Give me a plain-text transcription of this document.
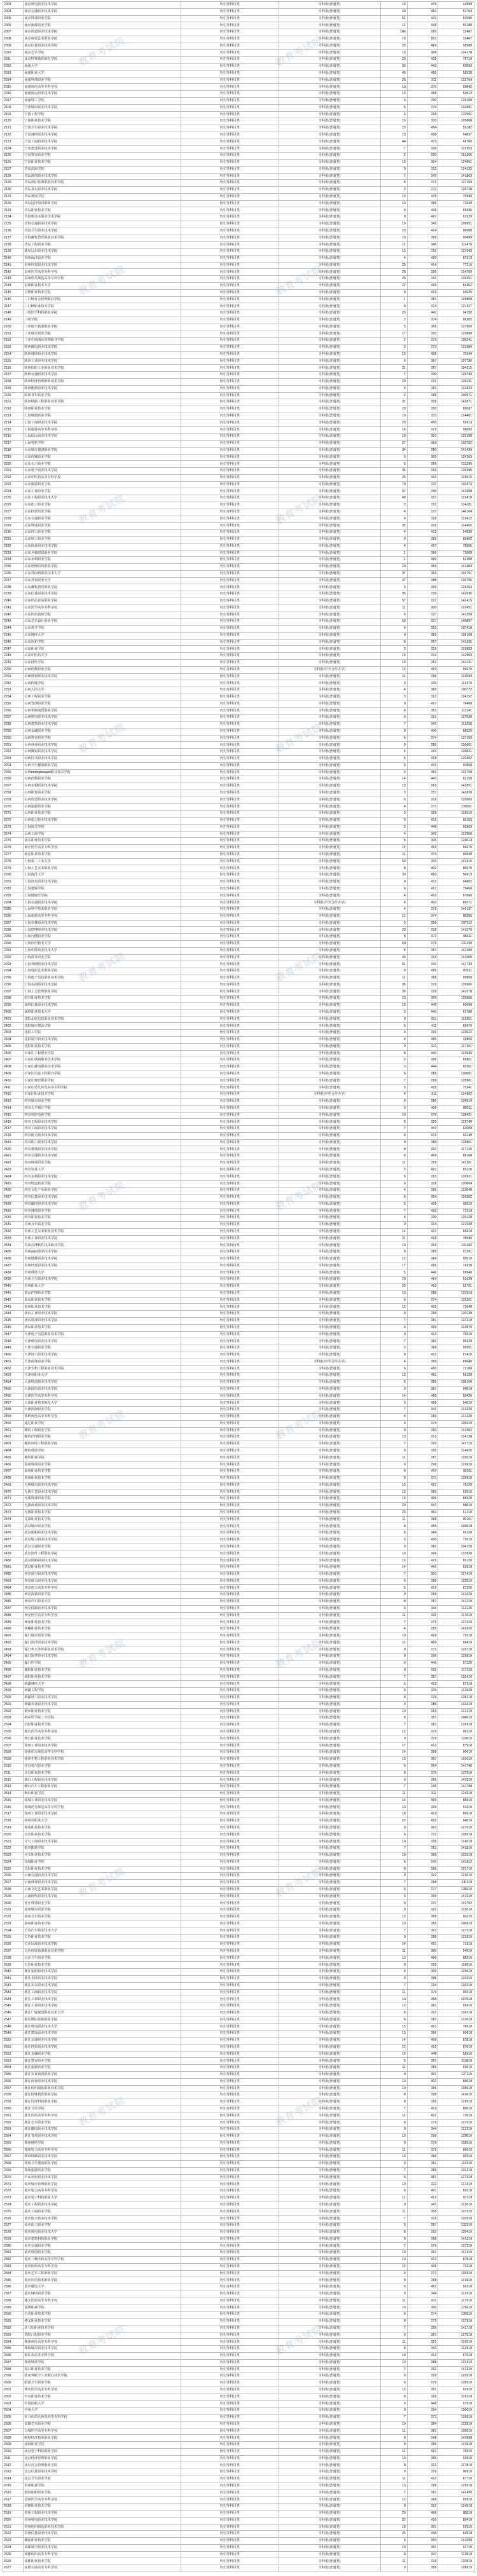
2003	南京机电职业技术学院	历史等科目类	专科批(普通类)	15	476	44899
2004	南京交通职业技术学院	历史等科目类	专科批(普通类)	40	461	52764
2005	南京科技职业学院	历史等科目类	专科批(普通类)	54	441	52696
2006	南京旅游职业学院	历史等科目类	专科批(普通类)	12	448	59188
2007	南京铁道职业技术学院	历史等科目类	专科批(普通类)	106	280	32407
2008	南京视觉艺术职业学院	历史等科目类	专科批(普通类)	16	501	32407
2009	南京信息职业技术学院	历史等科目类	专科批(普通类)	33	469	58580
2010	南京艺术学院	历史等科目类	专科批(普通类)	10	306	124178
2011	南京特殊教育师范学院	历史等科目类	专科批(普通类)	20	435	78710
2012	南通大学	历史等科目类	专科批(普通类)	36	443	62093
2013	南通职业大学	历史等科目类	专科批(普通类)	45	450	58528
2014	南通科技职业学院	历史等科目类	专科批(普通类)	26	311	132764
2015	南通师范高等专科学校	历史等科目类	专科批(普通类)	10	370	99842
2016	南通航运职业技术学院	历史等科目类	专科批(普通类)	15	458	54013
2017	南通理工学院	历史等科目类	专科批(普通类)	6	290	126109
2118	宁波城市职业技术学院	历史等科目类	专科批(普通类)	5	270	132561
2119	宁波工程学院	历史等科目类	专科批(普通类)	3	315	122911
2120	宁波职业技术学院	历史等科目类	专科批(普通类)	16	333	105860
2121	宁波卫生职业技术学院	历史等科目类	专科批(普通类)	23	454	56182
2122	宁夏财经职业技术学院	历史等科目类	专科批(普通类)	13	438	64837
2123	宁夏工商职业技术学院	历史等科目类	专科批(普通类)	44	473	46768
2124	宁夏建设职业技术学院	历史等科目类	专科批(普通类)	7	334	115353
2125	宁夏警官职业学院	历史等科目类	专科批(普通类)	2	290	161366
2126	宁夏职业技术学院	历史等科目类	专科批(普通类)	13	304	124661
2127	青岛滨海学院	历史等科目类	专科批(普通类)	9	312	124132
2128	青岛港湾职业技术学院	历史等科目类	专科批(普通类)	7	241	141863
2129	青岛酒店管理职业技术学院	历史等科目类	专科批(普通类)	4	272	137159
2130	青岛求实职业技术学院	历史等科目类	专科批(普通类)	3	272	139728
2131	青岛黄海学院	历史等科目类	专科批(普通类)	15	478	76948
2132	青岛远洋船员职业学院	历史等科目类	专科批(普通类)	10	395	72643
2133	青岛职业技术学院	历史等科目类	专科批(普通类)	6	436	65936
2134	青海柴达木职业技术学院	历史等科目类	专科批(普通类)	9	427	61529
2135	青海交通职业技术学院	历史等科目类	专科批(普通类)	19	349	109951
2136	青海卫生职业技术学院	历史等科目类	专科批(普通类)	23	414	96080
2137	青海畜牧兽医职业技术学院	历史等科目类	专科批(普通类)	10	399	99499
2138	青岛工程职业学院	历史等科目类	专科批(普通类)	12	348	111470
2139	曲阜远东职业技术学院	历史等科目类	专科批(普通类)	15	232	137043
2140	泉州海洋职业学院	历史等科目类	专科批(普通类)	4	420	87613
2141	泉州经贸职业技术学院	历史等科目类	专科批(普通类)	25	414	77216
2142	泉州医学高等专科学校	历史等科目类	专科批(普通类)	28	336	114769
2143	泉州幼儿师范高等专科学校	历史等科目类	专科批(普通类)	28	243	139251
2144	泉州职业技术大学	历史等科目类	专科批(普通类)	22	429	84462
2145	日照职业技术学院	历史等科目类	专科批(普通类)	8	419	94625
2146	三门峡社会管理职业学院	历史等科目类	专科批(普通类)	1	281	129860
2147	三门峡职业技术学院	历史等科目类	专科批(普通类)	8	314	121427
2148	三明医学科技职业学院	历史等科目类	专科批(普通类)	23	443	94158
2149	三明学院	历史等科目类	专科批(普通类)	3	374	96305
2150	三亚航空旅游职业学院	历史等科目类	专科批(普通类)	5	309	127609
2151	三亚城市职业学院	历史等科目类	专科批(普通类)	17	292	129898
2152	三亚中瑞酒店管理职业学院	历史等科目类	专科批(普通类)	2	279	136241
2153	陕西邮电职业技术学院	历史等科目类	专科批(普通类)	3	272	131584
2154	陕西财经职业技术学院	历史等科目类	专科批(普通类)	13	428	70344
2155	陕西工业职业技术学院	历史等科目类	专科批(普通类)	6	367	101736
2156	陕西国防工业职业技术学院	历史等科目类	专科批(普通类)	21	357	104215
2157	陕西交通职业技术学院	历史等科目类	专科批(普通类)	7	290	129748
2158	陕西经济管理职业技术学院	历史等科目类	专科批(普通类)	20	222	139131
2159	陕西能源职业技术学院	历史等科目类	专科批(普通类)	4	281	131823
2160	陕西青年职业学院	历史等科目类	专科批(普通类)	2	288	140971
2161	陕西铁路工程职业技术学院	历史等科目类	专科批(普通类)	21	208	143871
2212	陕西职业技术学院	历史等科目类	专科批(普通类)	29	290	89037
2213	上海城建职业学院	历史等科目类	专科批(普通类)	10	337	114401
2214	上海工商职业技术学院	历史等科目类	专科批(普通类)	20	450	56913
2215	上海旅游高等专科学校	历史等科目类	专科批(普通类)	14	375	58692
2216	上海民远职业技术学院	历史等科目类	专科批(普通类)	19	301	125190
2217	上海电机学院	历史等科目类	专科批(普通类)	27	363	103752
2218	山东城市建设职业学院	历史等科目类	专科批(普通类)	34	280	141439
2219	山东传媒职业学院	历史等科目类	专科批(普通类)	6	305	124263
2220	山东大王职业学院	历史等科目类	专科批(普通类)	5	296	131295
2221	山东电子职业技术学院	历史等科目类	专科批(普通类)	35	269	139295
2222	山东中医药高等专科学校	历史等科目类	专科批(普通类)	25	324	118615
2223	山东服装职业学院	历史等科目类	专科批(普通类)	70	237	140373
2224	山东工业职业学院	历史等科目类	专科批(普通类)	57	240	141658
2225	山东工程职业技术大学	历史等科目类	专科批(普通类)	48	321	123418
2226	山东化工职业学院	历史等科目类	专科批(普通类)	3	312	124181
2227	山东经贸职业学院	历史等科目类	专科批(普通类)	4	277	140104
2228	山东交通职业学院	历史等科目类	专科批(普通类)	6	318	123412
2229	山东科技职业学院	历史等科目类	专科批(普通类)	35	335	114965
2230	山东理工职业学院	历史等科目类	专科批(普通类)	4	413	94939
2231	山东轻工职业学院	历史等科目类	专科批(普通类)	9	395	89962
2232	山东商业职业技术学院	历史等科目类	专科批(普通类)	4	417	78565
2233	山东圣翰财贸职业学院	历史等科目类	专科批(普通类)	1	396	73009
2234	山东水利职业学院	历史等科目类	专科批(普通类)	1	483	52458
2235	山东丝绸纺织职业学院	历史等科目类	专科批(普通类)	20	459	141403
2236	山东外国语职业技术大学	历史等科目类	专科批(普通类)	37	363	103751
2237	山东外事职业大学	历史等科目类	专科批(普通类)	37	288	130796
2238	山东畜牧兽医职业学院	历史等科目类	专科批(普通类)	6	305	124263
2239	山东信息职业技术学院	历史等科目类	专科批(普通类)	35	239	141636
2240	山东药品食品职业学院	历史等科目类	专科批(普通类)	57	222	141415
2241	山东医学高等专科学校	历史等科目类	专科批(普通类)	11	300	122451
2242	山东医药技师学院	历史等科目类	专科批(普通类)	6	227	141350
2243	山东艺术设计职业学院	历史等科目类	专科批(普通类)	50	227	140897
2244	山东英才学院	历史等科目类	专科批(普通类)	4	353	107418
2245	山东财经大学	历史等科目类	专科批(普通类)	9	356	108160
2246	山东协和学院	历史等科目类	专科批(普通类)	8	257	141635
2247	山东职业学院	历史等科目类	专科批(普通类)	3	319	119853
2248	山东中医药大学	历史等科目类	专科批(普通类)	16	213	142903
2249	山东现代学院	历史等科目类	专科批(普通类)	16	262	142131
2250	山西药科职业学院	历史等科目类	专科批(中外合作办学)	14	453	56670
2251	山西财贸职业技术学院	历史等科目类	专科批(普通类)	11	338	114094
2252	山西传媒学院	历史等科目类	专科批(普通类)	9	339	113470
2253	山西大同大学	历史等科目类	专科批(普通类)	4	365	100772
2254	山西工程职业学院	历史等科目类	专科批(普通类)	3	312	124152
2255	山西管理职业学院	历史等科目类	专科批(普通类)	9	417	79460
2256	山西华澳商贸职业学院	历史等科目类	专科批(普通类)	4	351	111241
2257	山西机电职业技术学院	历史等科目类	专科批(普通类)	6	331	117030
2258	山西建筑职业技术学院	历史等科目类	专科批(普通类)	7	341	113250
2259	山西金融职业学院	历史等科目类	专科批(普通类)	9	406	88529
2260	山西警官职业学院	历史等科目类	专科批(普通类)	6	274	137193
2261	山西林业职业技术学院	历史等科目类	专科批(普通类)	9	286	130601
2262	山西煤炭职业技术学院	历史等科目类	专科批(普通类)	4	243	139821
2263	山西同文职业技术学院	历史等科目类	专科批(普通类)	5	318	120402
2264	山西卫生健康职业学院	历史等科目类	专科批(普通类)	5	441	60860
2265	山西информация职业技术学院	历史等科目类	专科批(普通类)	3	363	103750
2266	山西药科职业学院	历史等科目类	专科批(普通类)	14	443	62159
2267	山西水利职业技术学院	历史等科目类	专科批(普通类)	13	263	141851
2268	山西体育职业学院	历史等科目类	专科批(普通类)	5	251	141830
2269	山西铁道职业技术学院	历史等科目类	专科批(普通类)	6	319	120003
2270	山西旅游职业学院	历史等科目类	专科批(普通类)	4	271	139011
2271	山西职业技术学院	历史等科目类	专科批(普通类)	5	329	118010
2272	山西电力职业技术学院	历史等科目类	专科批(普通类)	9	419	86153
2273	上海海关学院	历史等科目类	专科批(普通类)	3	448	56963
2274	山西工商学院	历史等科目类	专科批(普通类)	4	343	112900
2275	汕头职业技术学院	历史等科目类	专科批(普通类)	5	306	126013
2276	商丘医学高等专科学校	历史等科目类	专科批(普通类)	14	453	56670
2277	商丘职业技术学院	历史等科目类	专科批(普通类)	11	374	96840
2278	上海第二工业大学	历史等科目类	专科批(普通类)	59	203	141416
2279	上海工艺美术职业学院	历史等科目类	专科批(普通类)	8	402	86570
2280	上海海洋大学	历史等科目类	专科批(普通类)	30	450	56913
2281	上海济光职业技术学院	历史等科目类	专科批(普通类)	9	413	94902
2282	上海建桥学院	历史等科目类	专科批(普通类)	6	417	79460
2283	上海健康医学院	历史等科目类	专科批(普通类)	4	410	87660
2284	上海交通职业技术学院	历史等科目类	专科批(中外合作办学)	4	402	86571
2285	上海科学技术职业学院	历史等科目类	专科批(普通类)	4	276	140137
2286	上海旅游高等专科学校	历史等科目类	专科批(普通类)	12	374	96305
2287	上海农林职业技术学院	历史等科目类	专科批(普通类)	3	358	107112
2288	上海思博职业技术学院	历史等科目类	专科批(普通类)	29	218	141570
2289	上海行健职业学院	历史等科目类	专科批(普通类)	8	372	96611
2290	上海应用技术大学	历史等科目类	专科批(普通类)	60	276	141190
2291	上海中侨职业技术大学	历史等科目类	专科批(普通类)	4	267	141200
2292	上海震旦职业学院	历史等科目类	专科批(普通类)	43	264	141500
2293	上海邦德职业技术学院	历史等科目类	专科批(普通类)	51	241	141732
2294	上海电影艺术职业学院	历史等科目类	专科批(普通类)	8	426	83511
2295	上海电子信息职业技术学院	历史等科目类	专科批(普通类)	11	368	99850
2296	上海东海职业技术学院	历史等科目类	专科批(普通类)	35	215	139966
2297	上海工会管理职业学院	历史等科目类	专科批(普通类)	36	218	141578
2298	绍兴职业技术学院	历史等科目类	专科批(普通类)	13	309	126900
2299	深圳信息职业技术学院	历史等科目类	专科批(普通类)	19	445	60590
2400	深圳职业技术大学	历史等科目类	专科批(普通类)	5	440	61780
2401	沈阳北软信息职业技术学院	历史等科目类	专科批(普通类)	9	321	119351
2402	沈阳城市建设学院	历史等科目类	专科批(普通类)	6	411	89970
2403	沈阳工学院	历史等科目类	专科批(普通类)	6	299	129022
2404	沈阳航空职业技术学院	历史等科目类	专科批(普通类)	4	486	48860
2405	沈阳职业技术学院	历史等科目类	专科批(普通类)	9	331	117201
2406	石家庄工程职业学院	历史等科目类	专科批(普通类)	8	340	113940
2407	石家庄铁路职业技术学院	历史等科目类	专科批(普通类)	3	398	89851
2408	石家庄邮电职业技术学院	历史等科目类	专科批(普通类)	3	444	60201
2409	石家庄信息工程职业学院	历史等科目类	专科批(普通类)	6	289	130061
2410	石家庄财经职业学院	历史等科目类	专科批(普通类)	7	298	128901
2411	石家庄幼儿师范高等专科学校	历史等科目类	专科批(普通类)	5	428	70341
2412	石家庄职业技术学院	历史等科目类	专科批(中外合作办学)	4	311	124902
2413	四川城市职业学院	历史等科目类	专科批(普通类)	9	286	134910
2414	四川大学锦江学院	历史等科目类	专科批(普通类)	6	408	88211
2415	四川电影电视学院	历史等科目类	专科批(普通类)	10	276	138421
2416	四川工程职业技术学院	历史等科目类	专科批(普通类)	5	320	119740
2417	四川工商职业技术学院	历史等科目类	专科批(普通类)	7	443	62009
2418	四川航天职业技术学院	历史等科目类	专科批(普通类)	8	414	92140
2419	四川化工职业技术学院	历史等科目类	专科批(普通类)	9	280	139801
2420	四川建筑职业技术学院	历史等科目类	专科批(普通类)	8	332	117120
2421	四川交通职业技术学院	历史等科目类	专科批(普通类)	6	404	88160
2422	四川科技职业学院	历史等科目类	专科批(普通类)	11	259	141301
2423	四川农业大学	历史等科目类	专科批(普通类)	3	421	85120
2424	四川水利职业技术学院	历史等科目类	专科批(普通类)	5	293	130921
2425	四川铁道职业学院	历史等科目类	专科批(普通类)	6	318	120004
2426	四川文化产业职业学院	历史等科目类	专科批(普通类)	4	289	131040
2427	四川信息职业技术学院	历史等科目类	专科批(普通类)	6	304	126902
2428	四川邮电职业技术学院	历史等科目类	专科批(普通类)	5	435	68110
2429	四川财经职业学院	历史等科目类	专科批(普通类)	7	432	71210
2430	四川职业技术学院	历史等科目类	专科批(普通类)	4	290	130120
2431	苏州百年职业学院	历史等科目类	专科批(普通类)	9	314	121530
2432	苏州工艺美术职业技术学院	历史等科目类	专科批(普通类)	14	437	65610
2433	苏州工业职业技术学院	历史等科目类	专科批(普通类)	21	418	78540
2434	苏州高博软件技术职业学院	历史等科目类	专科批(普通类)	10	269	141102
2435	苏州агро职业技术学院	历史等科目类	专科批(普通类)	8	395	91201
2436	苏州健雄职业技术学院	历史等科目类	专科批(普通类)	12	384	95010
2437	苏州经贸职业技术学院	历史等科目类	专科批(普通类)	17	426	74330
2438	苏州科技大学	历史等科目类	专科批(普通类)	5	446	58840
2439	苏州卫生职业技术学院	历史等科目类	专科批(普通类)	19	464	51030
2440	苏州职业大学	历史等科目类	专科批(普通类)	25	452	55701
2441	泰山护理职业学院	历史等科目类	专科批(普通类)	13	288	131910
2442	泰山职业技术学院	历史等科目类	专科批(普通类)	6	274	139201
2443	泰州职业技术学院	历史等科目类	专科批(普通类)	15	429	73040
2444	唐山工业职业技术学院	历史等科目类	专科批(普通类)	8	295	130130
2445	唐山科技职业技术学院	历史等科目类	专科批(普通类)	7	281	137210
2446	唐山职业技术学院	历史等科目类	专科批(普通类)	6	339	113870
2447	天津电子信息职业技术学院	历史等科目类	专科批(普通类)	9	424	76510
2448	天津机电职业技术学院	历史等科目类	专科批(普通类)	7	382	95320
2449	天津交通职业学院	历史等科目类	专科批(普通类)	5	368	99501
2450	天津轻工职业技术学院	历史等科目类	专科批(普通类)	8	412	87410
2451	天津商务职业学院	历史等科目类	专科批(中外合作办学)	4	399	89040
2452	天津生物工程职业技术学院	历史等科目类	专科批(普通类)	6	430	72100
2453	天津市职业大学	历史等科目类	专科批(普通类)	12	451	56120
2454	天津铁道职业技术学院	历史等科目类	专科批(普通类)	5	356	108160
2455	天津现代职业技术学院	历史等科目类	专科批(普通类)	9	387	94010
2456	天津医学高等专科学校	历史等科目类	专科批(普通类)	14	466	50420
2457	天津职业技术师范大学	历史等科目类	专科批(普通类)	6	458	54010
2458	天津滨海职业学院	历史等科目类	专科批(普通类)	7	341	113220
2459	铁岭师范高等专科学校	历史等科目类	专科批(普通类)	4	266	141420
2460	通辽职业学院	历史等科目类	专科批(普通类)	6	274	139210
2461	潍坊工程职业学院	历史等科目类	专科批(普通类)	8	260	141502
2462	潍坊护理职业学院	历史等科目类	专科批(普通类)	13	312	124130
2463	潍坊环境工程职业学院	历史等科目类	专科批(普通类)	7	243	141710
2464	潍坊科技学院	历史等科目类	专科批(普通类)	9	335	114920
2465	潍坊职业学院	历史等科目类	专科批(普通类)	11	287	133010
2466	温州科技职业学院	历史等科目类	专科批(普通类)	6	298	129920
2467	温州职业技术学院	历史等科目类	专科批(普通类)	8	414	92011
2468	渭南职业技术学院	历史等科目类	专科批(普通类)	5	271	139910
2469	无锡城市职业技术学院	历史等科目类	专科批(普通类)	15	421	78120
2470	无锡工艺职业技术学院	历史等科目类	专科批(普通类)	12	389	93510
2471	无锡科技职业学院	历史等科目类	专科批(普通类)	16	406	88520
2472	无锡商业职业技术学院	历史等科目类	专科批(普通类)	20	447	58010
2473	无锡职业技术学院	历史等科目类	专科批(普通类)	23	463	51410
2474	芜湖职业技术学院	历史等科目类	专科批(普通类)	11	398	90101
2475	武汉城市职业学院	历史等科目类	专科批(普通类)	8	355	109010
2476	武汉船舶职业技术学院	历史等科目类	专科批(普通类)	6	384	95120
2477	武汉电力职业技术学院	历史等科目类	专科批(普通类)	5	430	72010
2478	武汉交通职业学院	历史等科目类	专科批(普通类)	9	362	104120
2479	武汉软件工程职业学院	历史等科目类	专科批(普通类)	10	349	110920
2480	武汉铁路职业技术学院	历史等科目类	专科批(普通类)	12	419	86120
2481	武汉职业技术学院	历史等科目类	专科批(普通类)	14	441	62910
2482	西安航空职业技术学院	历史等科目类	专科批(普通类)	7	301	127410
2483	西安航天职业技术学院	历史等科目类	专科批(普通类)	6	288	132010
2484	西安电力高等专科学校	历史等科目类	专科批(普通类)	5	412	87320
2485	西安海棠职业学院	历史等科目类	专科批(普通类)	9	259	141620
2486	西安汽车职业大学	历史等科目类	专科批(普通类)	8	267	141210
2487	西安铁路职业技术学院	历史等科目类	专科批(普通类)	6	344	112120
2488	西安医学高等专科学校	历史等科目类	专科批(普通类)	11	332	117010
2489	西安职业技术学院	历史等科目类	专科批(普通类)	7	279	137410
2490	西藏职业技术学院	历史等科目类	专科批(普通类)	4	256	141820
2491	厦门城市职业学院	历史等科目类	专科批(普通类)	10	418	79210
2492	厦门海洋职业技术学院	历史等科目类	专科批(普通类)	12	406	88410
2493	厦门华天涉外职业技术学院	历史等科目类	专科批(普通类)	9	271	139710
2494	厦门软件职业技术学院	历史等科目类	专科批(普通类)	8	298	129810
2495	厦门医学院	历史等科目类	专科批(普通类)	6	449	57120
2496	襄阳职业技术学院	历史等科目类	专科批(普通类)	9	332	117110
2497	咸阳职业技术学院	历史等科目类	专科批(普通类)	7	287	132410
2498	新疆财经大学	历史等科目类	专科批(普通类)	5	412	87210
2499	新疆工程学院	历史等科目类	专科批(普通类)	6	339	113520
2500	新疆轻工职业技术学院	历史等科目类	专科批(普通类)	8	276	138210
2501	新疆农业职业技术学院	历史等科目类	专科批(普通类)	9	289	131610
2502	新乡职业技术学院	历史等科目类	专科批(普通类)	10	263	141410
2503	新乡医学院三全学院	历史等科目类	专科批(普通类)	8	357	108010
2504	信阳职业技术学院	历史等科目类	专科批(普通类)	7	281	136910
2505	邢台医学高等专科学校	历史等科目类	专科批(普通类)	12	376	96210
2506	邢台职业技术学院	历史等科目类	专科批(普通类)	9	318	120110
2507	徐州工业职业技术学院	历史等科目类	专科批(普通类)	17	412	87510
2508	徐州幼儿师范高等专科学校	历史等科目类	专科批(普通类)	14	398	90010
2509	徐州生物工程职业技术学院	历史等科目类	专科批(普通类)	13	367	101010
2510	许昌电气职业学院	历史等科目类	专科批(普通类)	6	254	141740
2511	许昌职业技术学院	历史等科目类	专科批(普通类)	8	279	137810
2512	烟台工程职业技术学院	历史等科目类	专科批(普通类)	9	266	141510
2513	烟台汽车工程职业学院	历史等科目类	专科批(普通类)	7	248	141790
2514	烟台职业学院	历史等科目类	专科批(普通类)	11	311	124910
2515	盐城工业职业技术学院	历史等科目类	专科批(普通类)	16	405	88910
2516	盐城幼儿师范高等专科学校	历史等科目类	专科批(普通类)	13	394	91510
2517	扬州工业职业技术学院	历史等科目类	专科批(普通类)	18	419	86610
2518	扬州市职业大学	历史等科目类	专科批(普通类)	22	439	64010
2519	杨凌职业技术学院	历史等科目类	专科批(普通类)	9	302	127010
2520	宜宾职业技术学院	历史等科目类	专科批(普通类)	6	272	139510
2521	义乌工商职业技术学院	历史等科目类	专科批(普通类)	10	336	114510
2522	银川能源学院	历史等科目类	专科批(普通类)	7	251	141810
2523	应天职业技术学院	历史等科目类	专科批(普通类)	19	366	101510
2524	永城职业学院	历史等科目类	专科批(普通类)	6	243	141812
2525	岳阳职业技术学院	历史等科目类	专科批(普通类)	8	289	131710
2526	云南交通职业技术学院	历史等科目类	专科批(普通类)	9	312	124010
2527	云南林业职业技术学院	历史等科目类	专科批(普通类)	7	268	141110
2528	云南文化艺术职业学院	历史等科目类	专科批(普通类)	5	277	138110
2529	云南现代职业技术学院	历史等科目类	专科批(普通类)	6	259	141610
2530	枣庄科技职业学院	历史等科目类	专科批(普通类)	8	247	141792
2531	漳州城市职业学院	历史等科目类	专科批(普通类)	9	322	119010
2532	漳州卫生职业学院	历史等科目类	专科批(普通类)	12	398	90210
2533	漳州职业技术学院	历史等科目类	专科批(普通类)	10	359	106910
2534	长春汽车职业技术大学	历史等科目类	专科批(普通类)	7	301	127210
2535	长春职业技术学院	历史等科目类	专科批(普通类)	9	288	131810
2536	长沙民政职业技术学院	历史等科目类	专科批(普通类)	14	431	71610
2537	长沙商贸旅游职业技术学院	历史等科目类	专科批(普通类)	11	386	94510
2538	长沙卫生职业学院	历史等科目类	专科批(普通类)	13	406	88310
2539	长沙职业技术学院	历史等科目类	专科批(普通类)	8	329	118010
2540	浙江安防职业技术学院	历史等科目类	专科批(普通类)	6	309	126010
2541	浙江长征职业技术学院	历史等科目类	专科批(普通类)	9	288	131510
2542	浙江东方职业技术学院	历史等科目类	专科批(普通类)	7	294	130210
2543	浙江工商职业技术学院	历史等科目类	专科批(普通类)	11	374	96510
2544	浙江工贸职业技术学院	历史等科目类	专科批(普通类)	10	358	107510
2545	浙江工业职业技术学院	历史等科目类	专科批(普通类)	12	381	95810
2546	浙江广厦建设职业技术大学	历史等科目类	专科批(普通类)	8	312	124210
2547	浙江横店影视职业学院	历史等科目类	专科批(普通类)	6	281	137010
2548	浙江机电职业技术大学	历史等科目类	专科批(普通类)	15	421	78610
2549	浙江建设职业技术学院	历史等科目类	专科批(普通类)	13	396	90810
2550	浙江交通职业技术学院	历史等科目类	专科批(普通类)	14	409	87810
2551	浙江经贸职业技术学院	历史等科目类	专科批(普通类)	12	412	87010
2552	浙江金融职业学院	历史等科目类	专科批(普通类)	16	446	58910
2553	浙江警官职业学院	历史等科目类	专科批(普通类)	5	351	110110
2554	浙江旅游职业学院	历史等科目类	专科批(普通类)	11	389	93010
2555	浙江农业商贸职业学院	历史等科目类	专科批(普通类)	9	301	127110
2556	浙江商业职业技术学院	历史等科目类	专科批(普通类)	13	402	89010
2557	浙江纺织服装职业技术学院	历史等科目类	专科批(普通类)	10	356	108510
2558	浙江特殊教育职业学院	历史等科目类	专科批(普通类)	4	268	141010
2559	浙江同济科技职业学院	历史等科目类	专科批(普通类)	8	326	118510
2560	浙江万里学院	历史等科目类	专科批(普通类)	7	419	86010
2561	浙江医药高等专科学校	历史等科目类	专科批(普通类)	12	431	71010
2562	浙江艺术职业学院	历史等科目类	专科批(普通类)	6	279	137510
2563	浙江邮电职业技术学院	历史等科目类	专科批(普通类)	9	344	112310
2564	浙江育英职业技术学院	历史等科目类	专科批(普通类)	10	298	129010
2565	郑州财经学院	历史等科目类	专科批(普通类)	8	276	138510
2566	郑州电力高等专科学校	历史等科目类	专科批(普通类)	11	379	96010
2567	郑州铁路职业技术学院	历史等科目类	专科批(普通类)	13	398	90310
2568	郑州卫生健康职业学院	历史等科目类	专科批(普通类)	9	351	110310
2569	郑州旅游职业学院	历史等科目类	专科批(普通类)	7	289	131310
2570	中山火炬职业技术学院	历史等科目类	专科批(普通类)	6	301	127310
2571	重庆城市管理职业学院	历史等科目类	专科批(普通类)	10	332	117310
2572	重庆电力高等专科学校	历史等科目类	专科批(普通类)	8	401	89210
2573	重庆电子科技职业大学	历史等科目类	专科批(普通类)	12	412	87110
2574	重庆工程职业技术学院	历史等科目类	专科批(普通类)	9	341	113010
2575	重庆工商职业学院	历史等科目类	专科批(普通类)	11	358	107310
2576	重庆航天职业技术学院	历史等科目类	专科批(普通类)	7	319	120310
2577	重庆化工职业学院	历史等科目类	专科批(普通类)	6	287	132110
2578	重庆机电职业技术大学	历史等科目类	专科批(普通类)	8	292	130410
2579	重庆建筑科技职业学院	历史等科目类	专科批(普通类)	9	268	141210
2580	重庆交通职业学院	历史等科目类	专科批(普通类)	7	279	137310
2581	重庆科创职业学院	历史等科目类	专科批(普通类)	10	261	141410
2582	重庆三峡医药高等专科学校	历史等科目类	专科批(普通类)	13	412	87910
2583	重庆医药高等专科学校	历史等科目类	专科批(普通类)	14	428	73210
2584	重庆艺术工程职业学院	历史等科目类	专科批(普通类)	6	271	139310
2585	重庆应用技术职业学院	历史等科目类	专科批(普通类)	8	258	141510
2586	重庆邮电大学	历史等科目类	专科批(普通类)	5	452	56310
2587	重庆财经职业学院	历史等科目类	专科批(普通类)	9	344	112510
2588	遵义医药高等专科学校	历史等科目类	专科批(普通类)	11	331	117510
2589	淄博职业学院	历史等科目类	专科批(普通类)	10	309	126110
2590	自贡职业技术学院	历史等科目类	专科批(普通类)	6	274	139110
2591	遵义职业技术学院	历史等科目类	专科批(普通类)	8	279	137910
2592	驻马店职业技术学院	历史等科目类	专科批(普通类)	7	256	141710
2593	资阳口腔职业学院	历史等科目类	专科批(普通类)	9	301	127510
2594	株洲师范高等专科学校	历史等科目类	专科批(普通类)	11	321	119510
2595	珠海城市职业技术学院	历史等科目类	专科批(普通类)	8	342	112910
2596	镇江市高等专科学校	历史等科目类	专科批(普通类)	19	412	87610
2597	郑州科技学院	历史等科目类	专科批(普通类)	10	288	131910
2598	周口职业技术学院	历史等科目类	专科批(普通类)	7	262	141310
2599	张家界航空工业职业技术学院	历史等科目类	专科批(普通类)	9	318	120510
2600	昭通卫生职业学院	历史等科目类	专科批(普通类)	6	276	138910
2601	肇庆医学高等专科学校	历史等科目类	专科批(普通类)	12	391	92910
2602	中山职业技术学院	历史等科目类	专科批(普通类)	8	329	118210
2603	中国民航大学	历史等科目类	专科批(普通类)	5	448	57910
2604	中州大学	历史等科目类	专科批(普通类)	9	294	130010
2605	驻马店幼儿师范高等专科学校	历史等科目类	专科批(普通类)	7	271	139610
2606	安徽艺术职业学院	历史等科目类	专科批(普通类)	10	284	133910
2607	白城医学高等专科学校	历史等科目类	专科批(普通类)	11	361	105010
2608	蚌埠经济技术职业学院	历史等科目类	专科批(普通类)	9	248	141690
2609	北海职业学院	历史等科目类	专科批(普通类)	8	266	141510
2610	北京电子科技职业学院	历史等科目类	专科批(普通类)	12	421	78910
2611	北京经济管理职业学院	历史等科目类	专科批(普通类)	10	389	93910
2612	北京社会管理职业学院	历史等科目类	专科批(普通类)	8	331	117810
2613	北京信息职业技术学院	历史等科目类	专科批(普通类)	9	376	96910
2614	北京卫生职业学院	历史等科目类	专科批(普通类)	11	412	87710
2615	滨州职业学院	历史等科目类	专科批(普通类)	13	298	129510
2616	渤海船舶职业学院	历史等科目类	专科批(普通类)	7	261	141490
2617	沧州医学高等专科学校	历史等科目类	专科批(普通类)	12	368	99910
2618	常德职业技术学院	历史等科目类	专科批(普通类)	9	312	124510
2619	常州工程职业技术学院	历史等科目类	专科批(普通类)	20	408	88110
2620	常州机电职业技术学院	历史等科目类	专科批(普通类)	22	416	80410
2621	常州纺织服装职业技术学院	历史等科目类	专科批(普通类)	18	391	92510
2622	常州信息职业技术学院	历史等科目类	专科批(普通类)	24	438	64910
2623	潮汕职业技术学院	历史等科目类	专科批(普通类)	6	254	141690
2624	成都航空职业技术学院	历史等科目类	专科批(普通类)	10	391	92710
2625	成都纺织高等专科学校	历史等科目类	专科批(普通类)	8	341	113510
2626	成都职业技术学院	历史等科目类	专科批(普通类)	11	318	120910
2627	承德石油高等专科学校	历史等科目类	专科批(普通类)	9	356	108910
教育考试院	教育考试院
教育考试院	教育考试院
教育考试院	教育考试院
教育考试院	教育考试院
教育考试院	教育考试院
教育考试院	教育考试院
教育考试院	教育考试院
教育考试院	教育考试院
教育考试院	教育考试院
教育考试院	教育考试院
教育考试院	教育考试院
